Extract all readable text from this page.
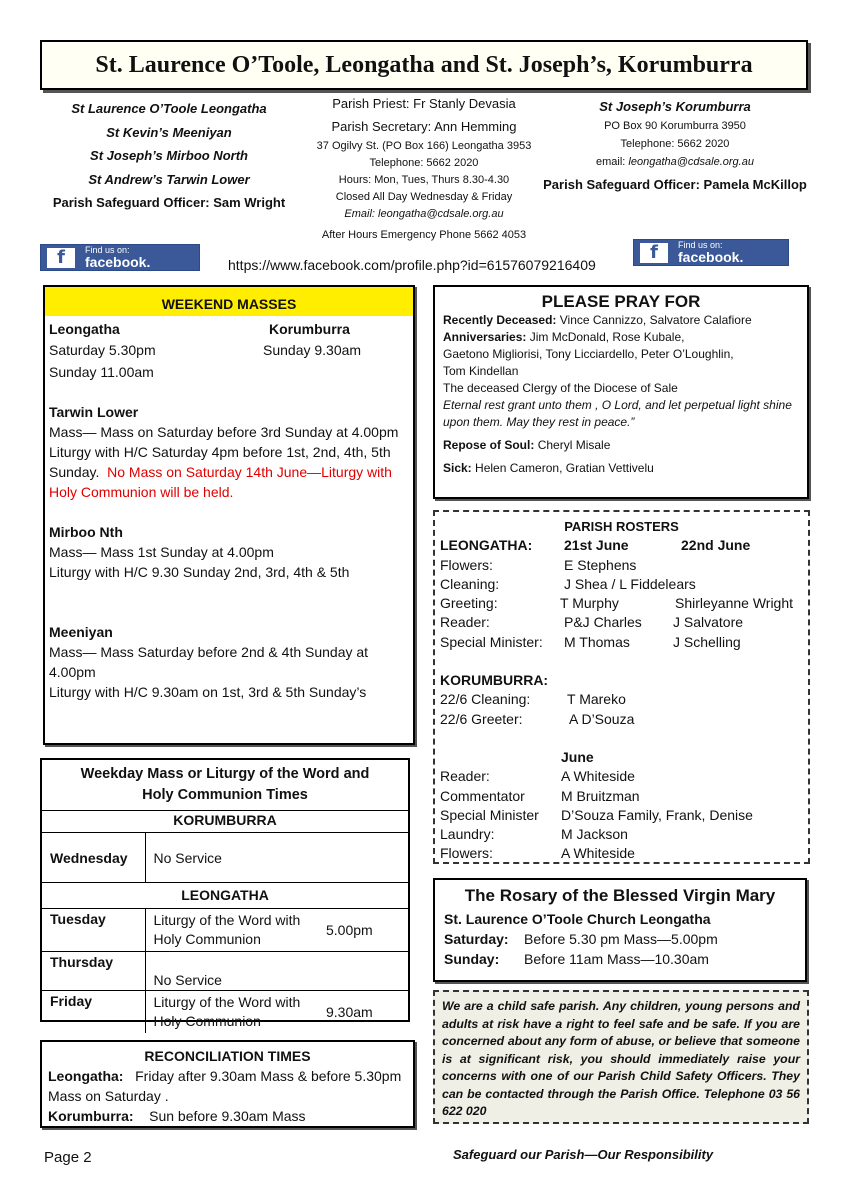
St. Laurence O’Toole, Leongatha and St. Joseph’s, Korumburra
St Laurence O’Toole Leongatha
St Kevin’s Meeniyan
St Joseph’s Mirboo North
St Andrew’s Tarwin Lower
Parish Safeguard Officer: Sam Wright
Parish Priest: Fr Stanly Devasia
Parish Secretary: Ann Hemming
37 Ogilvy St. (PO Box 166) Leongatha 3953
Telephone: 5662 2020
Hours: Mon, Tues, Thurs 8.30-4.30
Closed All Day Wednesday & Friday
Email: leongatha@cdsale.org.au
After Hours Emergency Phone 5662 4053
St Joseph’s Korumburra
PO Box 90 Korumburra 3950
Telephone: 5662 2020
email: leongatha@cdsale.org.au
Parish Safeguard Officer: Pamela McKillop
f	Find us on:
facebook.	f	Find us on:
facebook.
https://www.facebook.com/profile.php?id=61576079216409
WEEKEND MASSES
Leongatha	Korumburra
Saturday 5.30pm	Sunday 9.30am
Sunday 11.00am
Tarwin Lower
Mass— Mass on Saturday before 3rd Sunday at 4.00pm
Liturgy with H/C Saturday 4pm before 1st, 2nd, 4th, 5th
Sunday. No Mass on Saturday 14th June—Liturgy with Holy Communion will be held.
Mirboo Nth
Mass— Mass 1st Sunday at 4.00pm
Liturgy with H/C 9.30 Sunday 2nd, 3rd, 4th & 5th
Meeniyan
Mass— Mass Saturday before 2nd & 4th Sunday at 4.00pm
Liturgy with H/C 9.30am on 1st, 3rd & 5th Sunday’s
PLEASE PRAY FOR
Recently Deceased: Vince Cannizzo, Salvatore Calafiore
Anniversaries: Jim McDonald, Rose Kubale,
Gaetono Migliorisi, Tony Licciardello, Peter O’Loughlin,
Tom Kindellan
The deceased Clergy of the Diocese of Sale
Eternal rest grant unto them , O Lord, and let perpetual light shine upon them. May they rest in peace.”
Repose of Soul: Cheryl Misale
Sick: Helen Cameron, Gratian Vettivelu
PARISH ROSTERS
LEONGATHA:	21st June	22nd June
Flowers:	E Stephens
Cleaning:	J Shea / L Fiddelears
Greeting:	T Murphy	Shirleyanne Wright
Reader:	P&J Charles	J Salvatore
Special Minister:	M Thomas	J Schelling
KORUMBURRA:
22/6 Cleaning:	T Mareko
22/6 Greeter:	A D’Souza
June
Reader:	A Whiteside
Commentator	M Bruitzman
Special Minister	D’Souza Family, Frank, Denise
Laundry:	M Jackson
Flowers:	A Whiteside
Weekday Mass or Liturgy of the Word and Holy Communion Times		
KORUMBURRA		
Wednesday	No Service	
LEONGATHA		
Tuesday	Liturgy of the Word with Holy Communion	5.00pm
Thursday	No Service	
Friday	Liturgy of the Word with Holy Communion	9.30am
RECONCILIATION TIMES
Leongatha: Friday after 9.30am Mass & before 5.30pm Mass on Saturday .
Korumburra: Sun before 9.30am Mass
The Rosary of the Blessed Virgin Mary
St. Laurence O’Toole Church Leongatha
Saturday:	Before 5.30 pm Mass—5.00pm
Sunday:	Before 11am Mass—10.30am
We are a child safe parish. Any children, young persons and adults at risk have a right to feel safe and be safe. If you are concerned about any form of abuse, or believe that someone is at significant risk, you should immediately raise your concerns with one of our Parish Child Safety Officers. They can be contacted through the Parish Office. Telephone 03 56 622 020
Page 2	Safeguard our Parish—Our Responsibility
